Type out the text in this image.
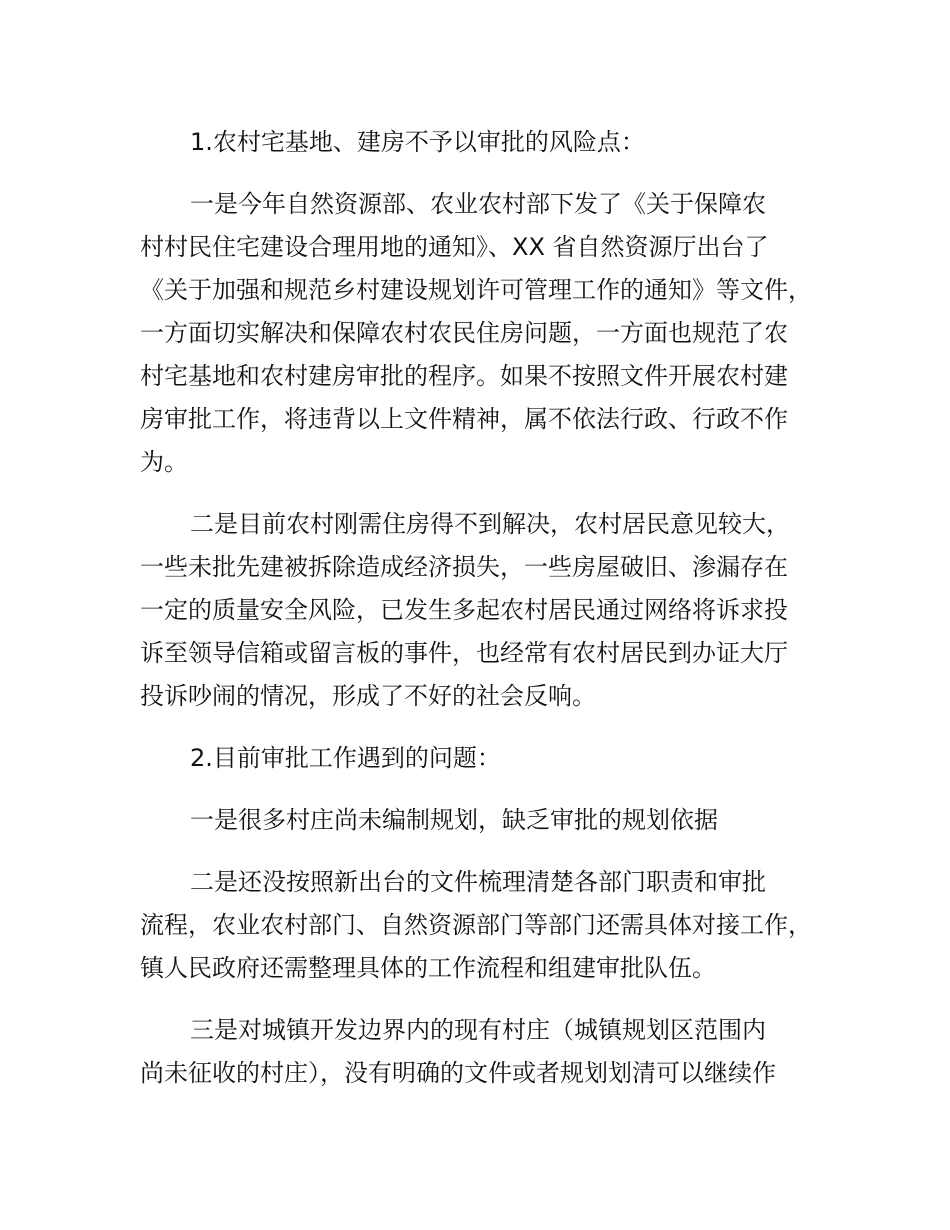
1.农村宅基地、建房不予以审批的风险点：
一是今年自然资源部、农业农村部下发了《关于保障农
村村民住宅建设合理用地的通知》、XX 省自然资源厅出台了
《关于加强和规范乡村建设规划许可管理工作的通知》等文件，
一方面切实解决和保障农村农民住房问题，一方面也规范了农
村宅基地和农村建房审批的程序。如果不按照文件开展农村建
房审批工作，将违背以上文件精神，属不依法行政、行政不作
为。
二是目前农村刚需住房得不到解决，农村居民意见较大，
一些未批先建被拆除造成经济损失，一些房屋破旧、渗漏存在
一定的质量安全风险，已发生多起农村居民通过网络将诉求投
诉至领导信箱或留言板的事件，也经常有农村居民到办证大厅
投诉吵闹的情况，形成了不好的社会反响。
2.目前审批工作遇到的问题：
一是很多村庄尚未编制规划，缺乏审批的规划依据
二是还没按照新出台的文件梳理清楚各部门职责和审批
流程，农业农村部门、自然资源部门等部门还需具体对接工作，
镇人民政府还需整理具体的工作流程和组建审批队伍。
三是对城镇开发边界内的现有村庄（城镇规划区范围内
尚未征收的村庄），没有明确的文件或者规划划清可以继续作
